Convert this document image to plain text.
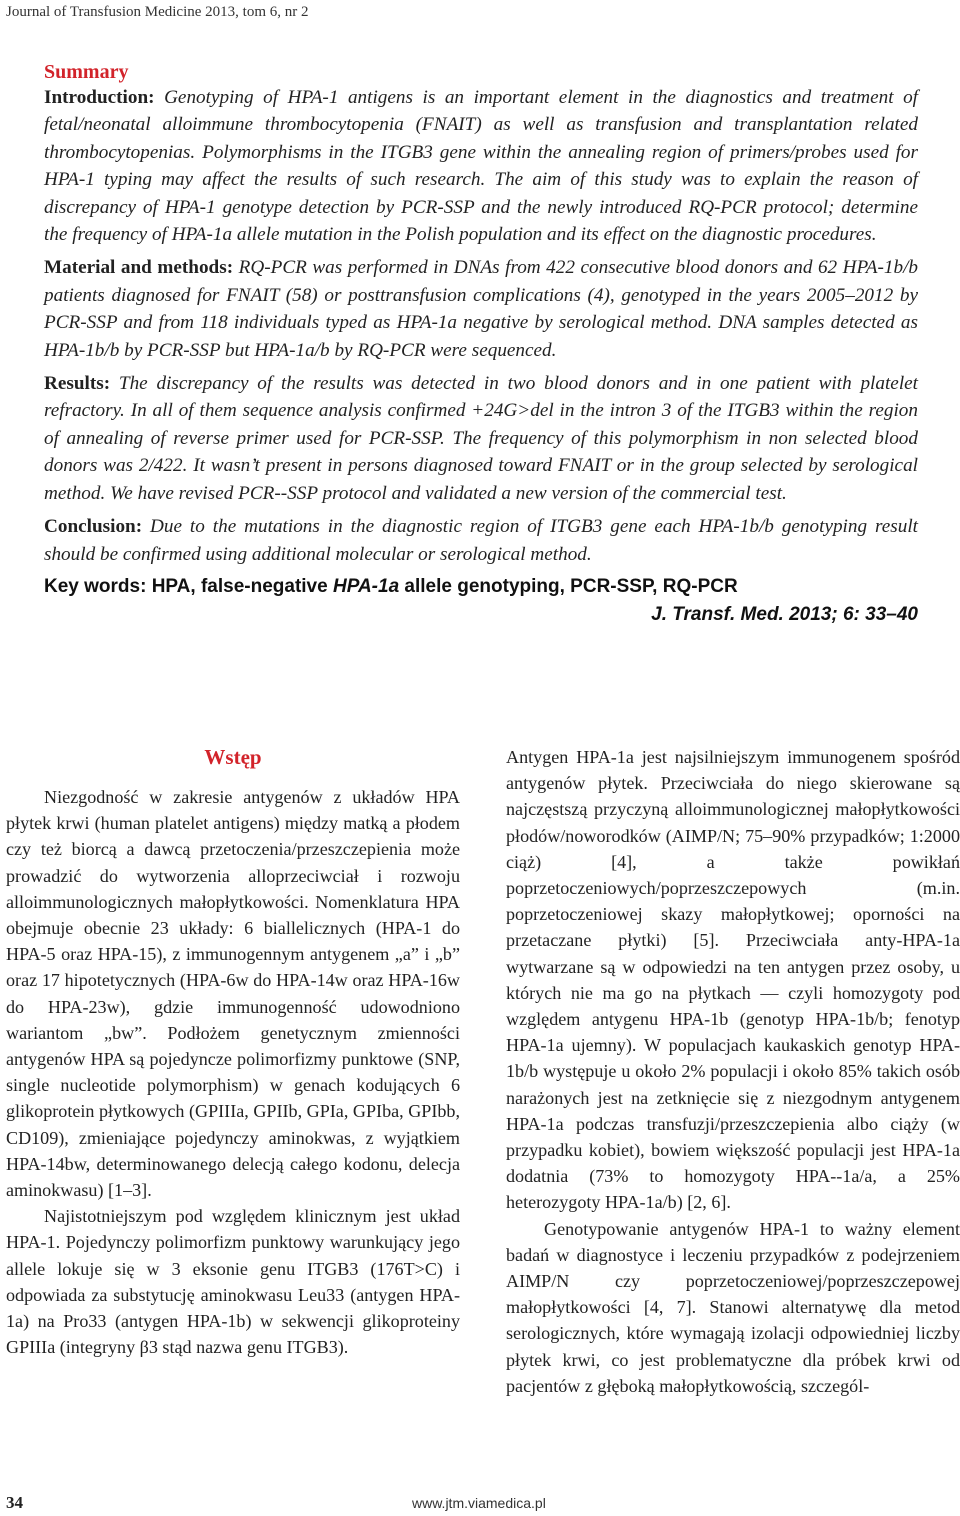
Journal of Transfusion Medicine 2013, tom 6, nr 2
Summary

Introduction: Genotyping of HPA-1 antigens is an important element in the diagnostics and treatment of fetal/neonatal alloimmune thrombocytopenia (FNAIT) as well as transfusion and transplantation related thrombocytopenias. Polymorphisms in the ITGB3 gene within the annealing region of primers/probes used for HPA-1 typing may affect the results of such research. The aim of this study was to explain the reason of discrepancy of HPA-1 genotype detection by PCR-SSP and the newly introduced RQ-PCR protocol; determine the frequency of HPA-1a allele mutation in the Polish population and its effect on the diagnostic procedures.

Material and methods: RQ-PCR was performed in DNAs from 422 consecutive blood donors and 62 HPA-1b/b patients diagnosed for FNAIT (58) or posttransfusion complications (4), genotyped in the years 2005–2012 by PCR-SSP and from 118 individuals typed as HPA-1a negative by serological method. DNA samples detected as HPA-1b/b by PCR-SSP but HPA-1a/b by RQ-PCR were sequenced.

Results: The discrepancy of the results was detected in two blood donors and in one patient with platelet refractory. In all of them sequence analysis confirmed +24G>del in the intron 3 of the ITGB3 within the region of annealing of reverse primer used for PCR-SSP. The frequency of this polymorphism in non selected blood donors was 2/422. It wasn’t present in persons diagnosed toward FNAIT or in the group selected by serological method. We have revised PCR--SSP protocol and validated a new version of the commercial test.

Conclusion: Due to the mutations in the diagnostic region of ITGB3 gene each HPA-1b/b genotyping result should be confirmed using additional molecular or serological method.

Key words: HPA, false-negative HPA-1a allele genotyping, PCR-SSP, RQ-PCR
J. Transf. Med. 2013; 6: 33–40
Wstęp

Niezgodność w zakresie antygenów z układów HPA płytek krwi (human platelet antigens) między matką a płodem czy też biorcą a dawcą przetoczenia/przeszczepienia może prowadzić do wytworzenia alloprzeciwciał i rozwoju alloimmunologicznych małopłytkowości. Nomenklatura HPA obejmuje obecnie 23 układy: 6 biallelicznych (HPA-1 do HPA-5 oraz HPA-15), z immunogennym antygenem „a” i „b” oraz 17 hipotetycznych (HPA-6w do HPA-14w oraz HPA-16w do HPA-23w), gdzie immunogenność udowodniono wariantom „bw”. Podłożem genetycznym zmienności antygenów HPA są pojedyncze polimorfizmy punktowe (SNP, single nucleotide polymorphism) w genach kodujących 6 glikoprotein płytkowych (GPIIIa, GPIIb, GPIa, GPIba, GPIbb, CD109), zmieniające pojedynczy aminokwas, z wyjątkiem HPA-14bw, determinowanego delecją całego kodonu, delecja aminokwasu) [1–3].

Najistotniejszym pod względem klinicznym jest układ HPA-1. Pojedynczy polimorfizm punktowy warunkujący jego allele lokuje się w 3 eksonie genu ITGB3 (176T>C) i odpowiada za substytucję aminokwasu Leu33 (antygen HPA-1a) na Pro33 (antygen HPA-1b) w sekwencji glikoproteiny GPIIIa (integryny β3 stąd nazwa genu ITGB3).

Antygen HPA-1a jest najsilniejszym immunogenem spośród antygenów płytek. Przeciwciała do niego skierowane są najczęstszą przyczyną alloimmunologicznej małopłytkowości płodów/noworodków (AIMP/N; 75–90% przypadków; 1:2000 ciąż) [4], a także powikłań poprzetoczeniowych/poprzeszczepowych (m.in. poprzetoczeniowej skazy małopłytkowej; oporności na przetaczane płytki) [5]. Przeciwciała anty-HPA-1a wytwarzane są w odpowiedzi na ten antygen przez osoby, u których nie ma go na płytkach — czyli homozygoty pod względem antygenu HPA-1b (genotyp HPA-1b/b; fenotyp HPA-1a ujemny). W populacjach kaukaskich genotyp HPA-1b/b występuje u około 2% populacji i około 85% takich osób narażonych jest na zetknięcie się z niezgodnym antygenem HPA-1a podczas transfuzji/przeszczepienia albo ciąży (w przypadku kobiet), bowiem większość populacji jest HPA-1a dodatnia (73% to homozygoty HPA--1a/a, a 25% heterozygoty HPA-1a/b) [2, 6].

Genotypowanie antygenów HPA-1 to ważny element badań w diagnostyce i leczeniu przypadków z podejrzeniem AIMP/N czy poprzetoczeniowej/poprzeszczepowej małopłytkowości [4, 7]. Stanowi alternatywę dla metod serologicznych, które wymagają izolacji odpowiedniej liczby płytek krwi, co jest problematyczne dla próbek krwi od pacjentów z głęboką małopłytkowością, szczegól-

34	www.jtm.viamedica.pl
